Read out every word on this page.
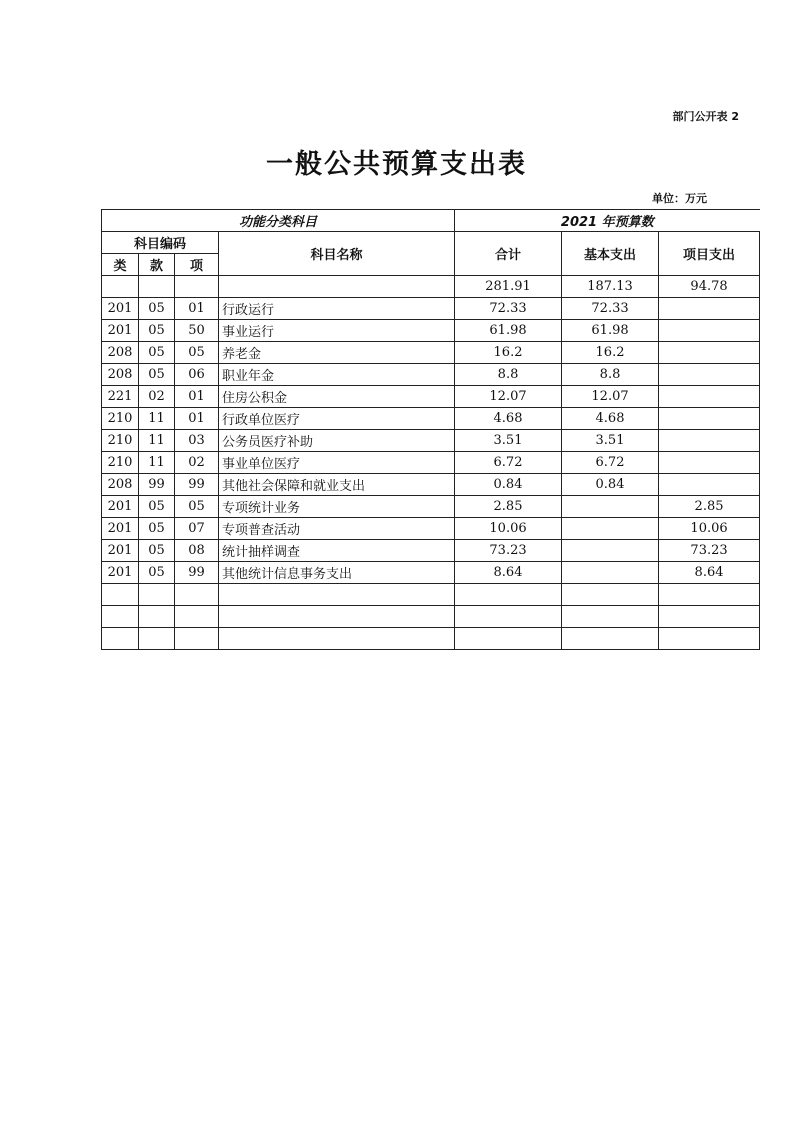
部门公开表 2
一般公共预算支出表
单位：万元
功能分类科目				2021 年预算数		
科目编码			科目名称	合计	基本支出	项目支出
类	款	项				
				281.91	187.13	94.78
201	05	01	行政运行	72.33	72.33	
201	05	50	事业运行	61.98	61.98	
208	05	05	养老金	16.2	16.2	
208	05	06	职业年金	8.8	8.8	
221	02	01	住房公积金	12.07	12.07	
210	11	01	行政单位医疗	4.68	4.68	
210	11	03	公务员医疗补助	3.51	3.51	
210	11	02	事业单位医疗	6.72	6.72	
208	99	99	其他社会保障和就业支出	0.84	0.84	
201	05	05	专项统计业务	2.85		2.85
201	05	07	专项普查活动	10.06		10.06
201	05	08	统计抽样调查	73.23		73.23
201	05	99	其他统计信息事务支出	8.64		8.64
